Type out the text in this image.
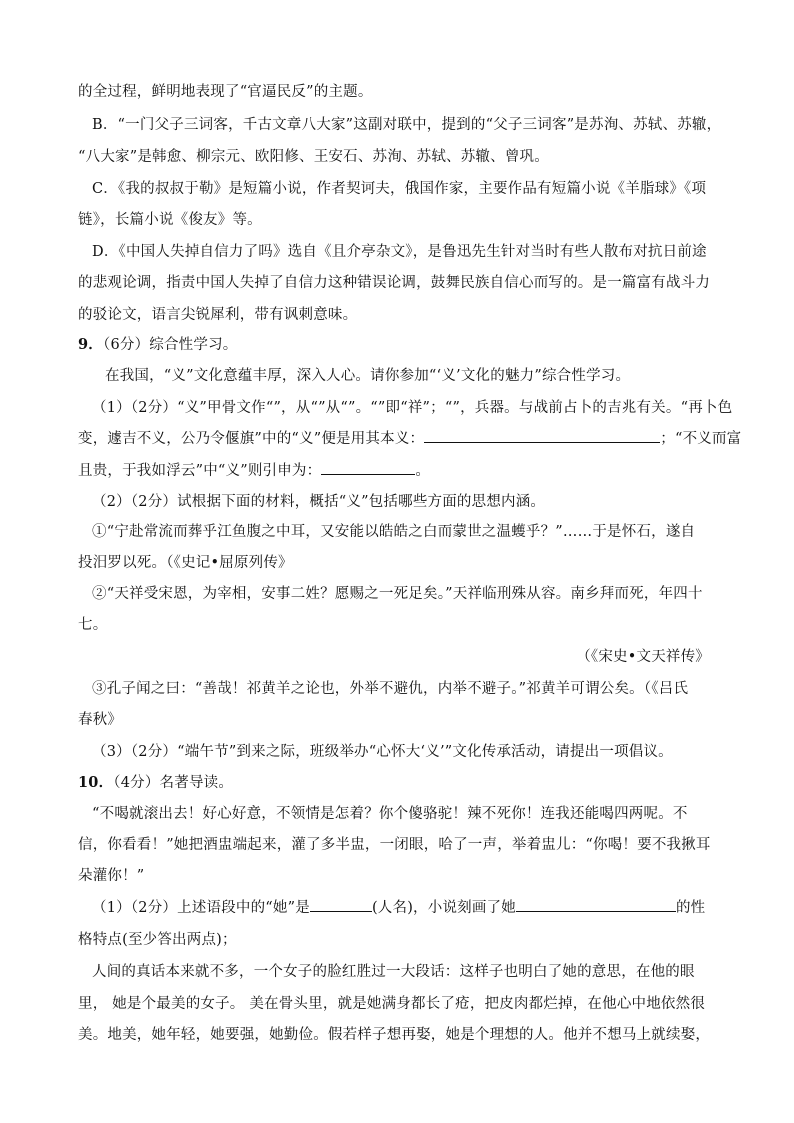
的全过程，鲜明地表现了“官逼民反”的主题。
B．“一门父子三词客，千古文章八大家”这副对联中，提到的“父子三词客”是苏洵、苏轼、苏辙，
“八大家”是韩愈、柳宗元、欧阳修、王安石、苏洵、苏轼、苏辙、曾巩。
C．《我的叔叔于勒》是短篇小说，作者契诃夫，俄国作家，主要作品有短篇小说《羊脂球》《项
链》，长篇小说《俊友》等。
D．《中国人失掉自信力了吗》选自《且介亭杂文》，是鲁迅先生针对当时有些人散布对抗日前途
的悲观论调，指责中国人失掉了自信力这种错误论调，鼓舞民族自信心而写的。是一篇富有战斗力
的驳论文，语言尖锐犀利，带有讽刺意味。
9．（6分）综合性学习。
在我国，“义”文化意蕴丰厚，深入人心。请你参加“‘义’文化的魅力”综合性学习。
（1）（2分）“义”甲骨文作“”，从“”从“”。“”即“祥”；“”，兵器。与战前占卜的吉兆有关。“再卜色
变，遽吉不义，公乃令偃旗”中的“义”便是用其本义：	；“不义而富
且贵，于我如浮云”中“义”则引申为：	。
（2）（2分）试根据下面的材料，概括“义”包括哪些方面的思想内涵。
①“宁赴常流而葬乎江鱼腹之中耳，又安能以皓皓之白而蒙世之温蠖乎？”……于是怀石，遂自
投汨罗以死。（《史记•屈原列传》
②“天祥受宋恩，为宰相，安事二姓？愿赐之一死足矣。”天祥临刑殊从容。南乡拜而死，年四十
七。
（《宋史•文天祥传》
③孔子闻之曰：“善哉！祁黄羊之论也，外举不避仇，内举不避子。”祁黄羊可谓公矣。（《吕氏
春秋》
（3）（2分）“端午节”到来之际，班级举办“心怀大‘义’”文化传承活动，请提出一项倡议。
10．（4分）名著导读。
“不喝就滚出去！好心好意，不领情是怎着？你个傻骆驼！辣不死你！连我还能喝四两呢。不
信，你看看！”她把酒盅端起来，灌了多半盅，一闭眼，哈了一声，举着盅儿：“你喝！要不我揪耳
朵灌你！”
（1）（2分）上述语段中的“她”是	(人名)，小说刻画了她	的性
格特点(至少答出两点)；
人间的真话本来就不多，一个女子的脸红胜过一大段话：这样子也明白了她的意思，在他的眼
里， 她是个最美的女子。 美在骨头里，就是她满身都长了疮，把皮肉都烂掉，在他心中地依然很
美。地美，她年轻，她要强，她勤俭。假若样子想再娶，她是个理想的人。他并不想马上就续娶，
